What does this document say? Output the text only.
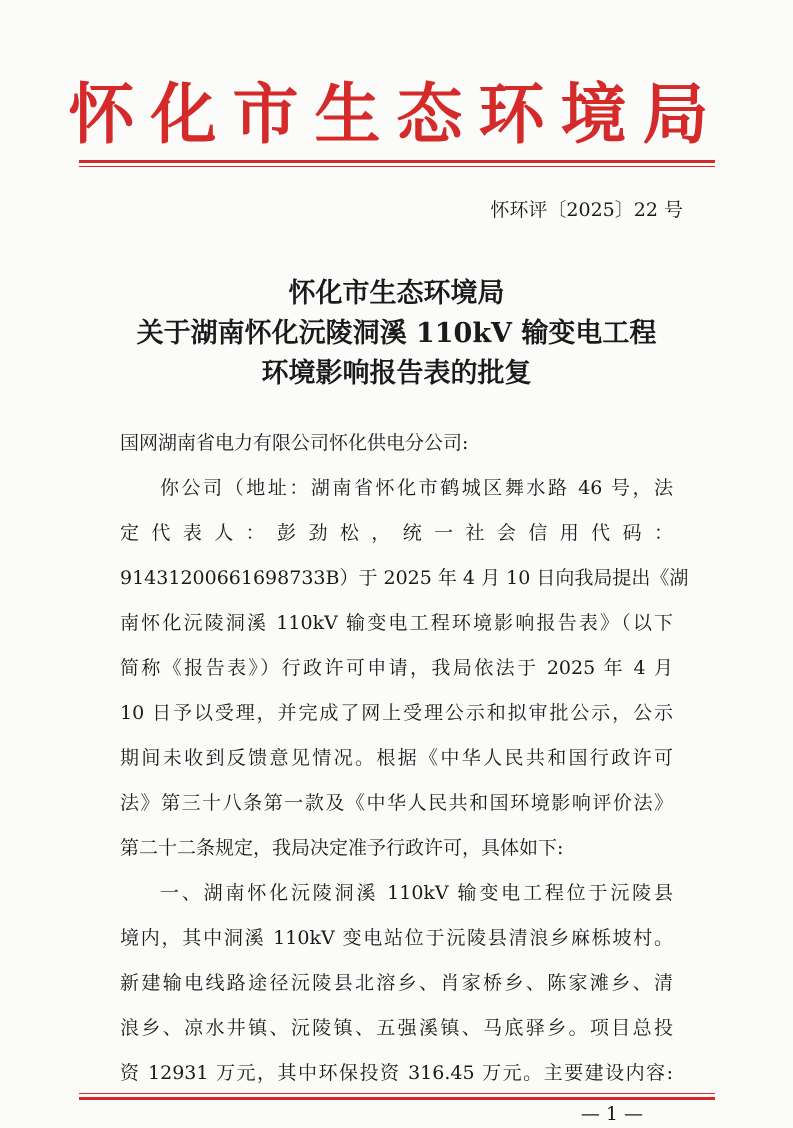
怀化市生态环境局
怀环评〔2025〕22 号
怀化市生态环境局
关于湖南怀化沅陵洞溪 110kV 输变电工程
环境影响报告表的批复
国网湖南省电力有限公司怀化供电分公司:
你公司（地址：湖南省怀化市鹤城区舞水路 46 号，法
定代表人：彭劲松，统一社会信用代码：
91431200661698733B）于 2025 年 4 月 10 日向我局提出《湖
南怀化沅陵洞溪 110kV 输变电工程环境影响报告表》（以下
简称《报告表》）行政许可申请，我局依法于 2025 年 4 月
10 日予以受理，并完成了网上受理公示和拟审批公示，公示
期间未收到反馈意见情况。根据《中华人民共和国行政许可
法》第三十八条第一款及《中华人民共和国环境影响评价法》
第二十二条规定，我局决定准予行政许可，具体如下:
一、湖南怀化沅陵洞溪 110kV 输变电工程位于沅陵县
境内，其中洞溪 110kV 变电站位于沅陵县清浪乡麻栎坡村。
新建输电线路途径沅陵县北溶乡、肖家桥乡、陈家滩乡、清
浪乡、凉水井镇、沅陵镇、五强溪镇、马底驿乡。项目总投
资 12931 万元，其中环保投资 316.45 万元。主要建设内容:
— 1 —
